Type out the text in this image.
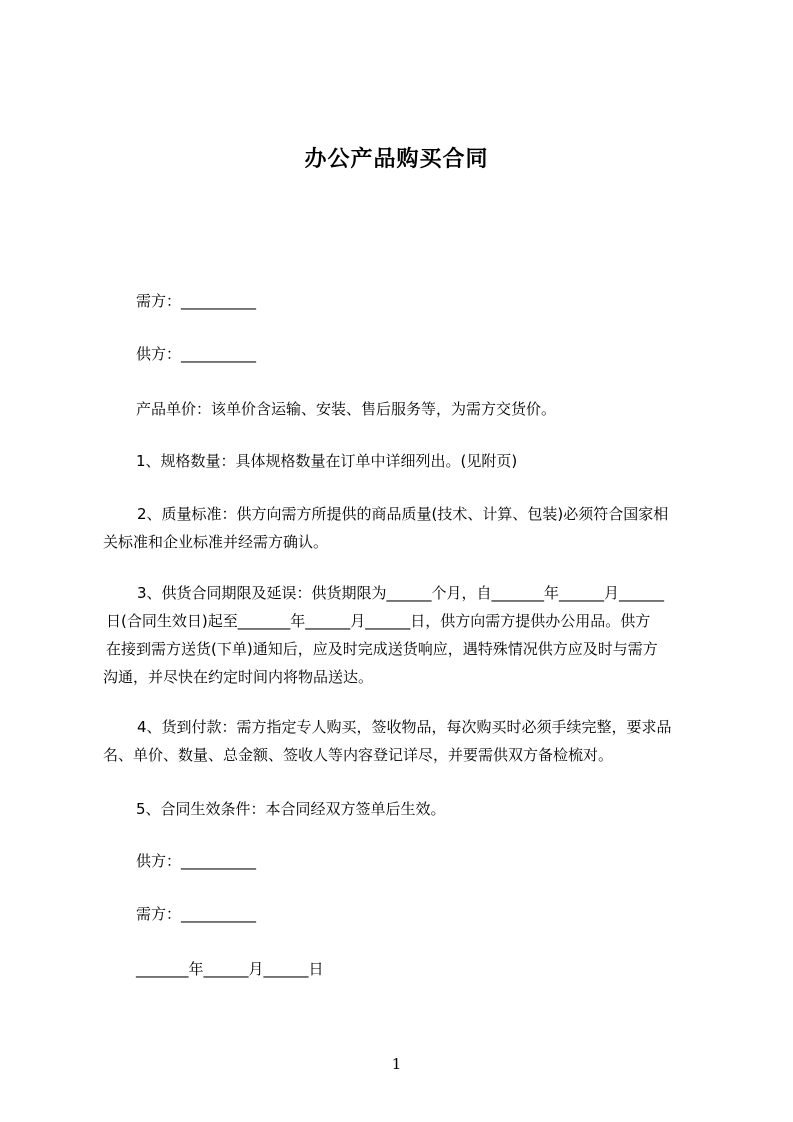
办公产品购买合同
需方：__________
供方：__________
产品单价：该单价含运输、安装、售后服务等，为需方交货价。
1、规格数量：具体规格数量在订单中详细列出。(见附页)
2、质量标准：供方向需方所提供的商品质量(技术、计算、包装)必须符合国家相
关标准和企业标准并经需方确认。
3、供货合同期限及延误：供货期限为______个月，自_______年______月______
日(合同生效日)起至_______年______月______日，供方向需方提供办公用品。供方
在接到需方送货(下单)通知后，应及时完成送货响应，遇特殊情况供方应及时与需方
沟通，并尽快在约定时间内将物品送达。
4、货到付款：需方指定专人购买，签收物品，每次购买时必须手续完整，要求品
名、单价、数量、总金额、签收人等内容登记详尽，并要需供双方备检梳对。
5、合同生效条件：本合同经双方签单后生效。
供方：__________
需方：__________
_______年______月______日
1
